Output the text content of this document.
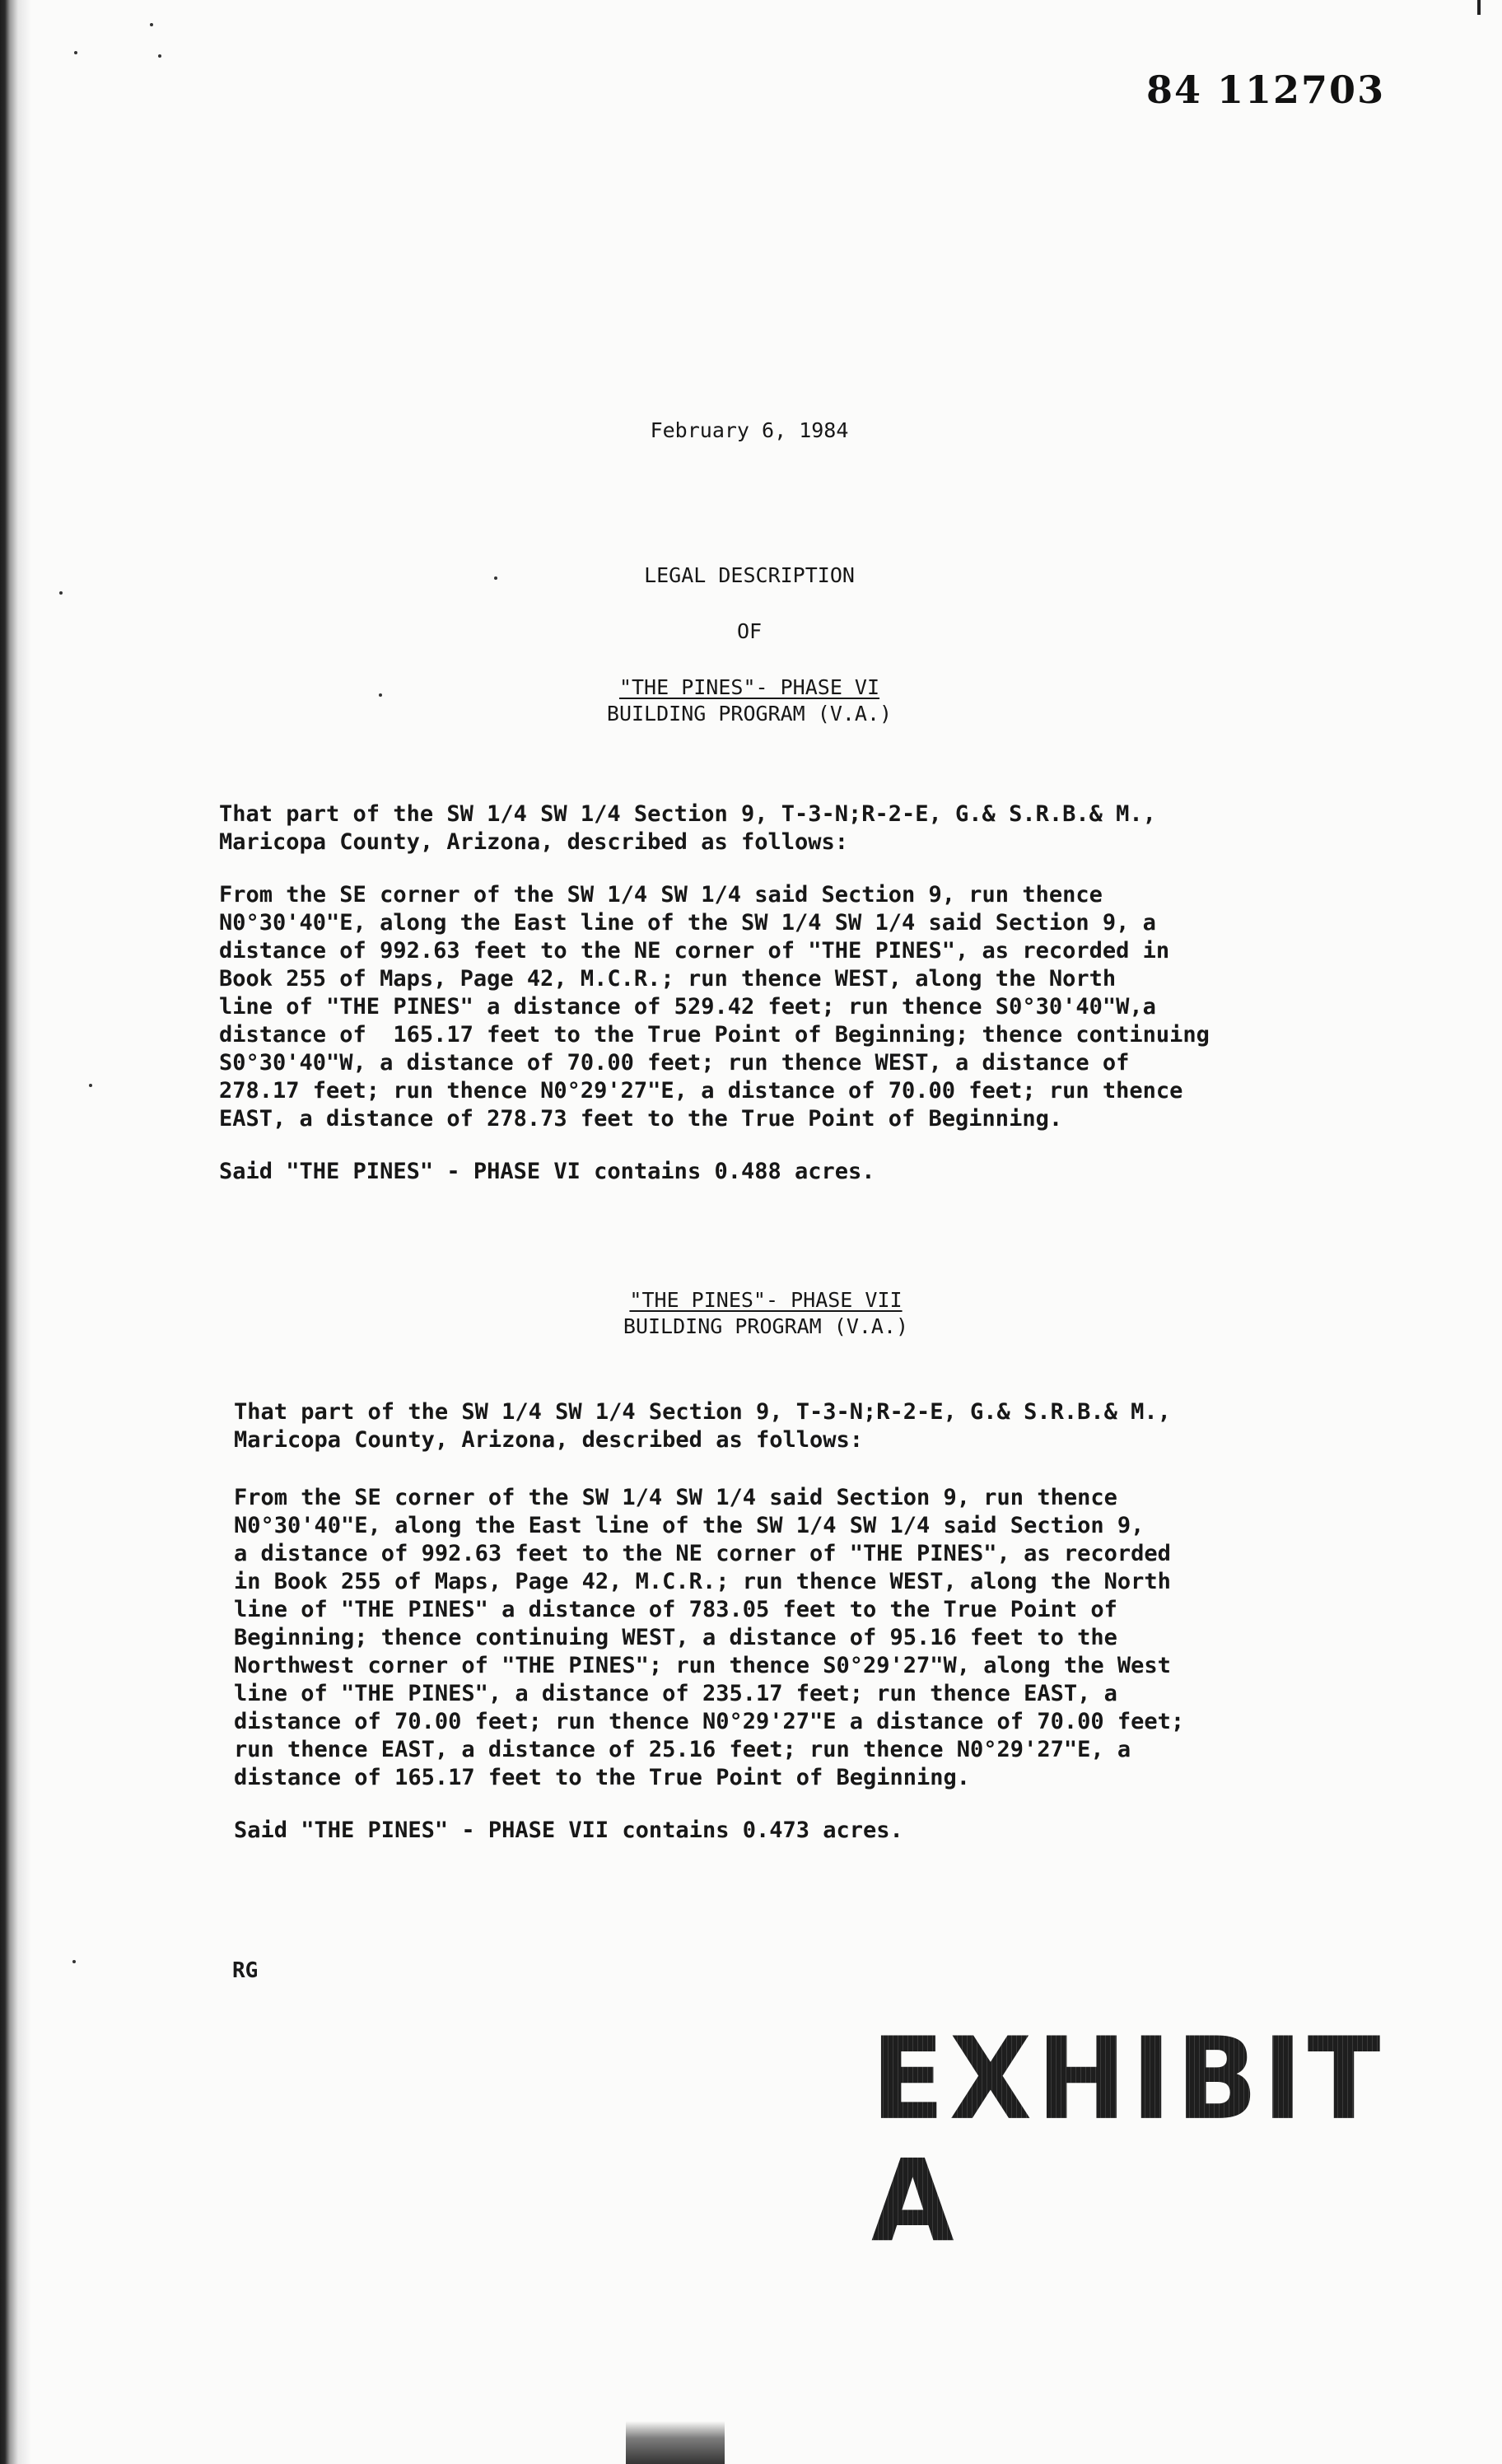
84 112703
February 6, 1984
LEGAL DESCRIPTION
OF
"THE PINES"- PHASE VI
BUILDING PROGRAM (V.A.)
That part of the SW 1/4 SW 1/4 Section 9, T-3-N;R-2-E, G.& S.R.B.& M.,
Maricopa County, Arizona, described as follows:
From the SE corner of the SW 1/4 SW 1/4 said Section 9, run thence
N0°30'40"E, along the East line of the SW 1/4 SW 1/4 said Section 9, a
distance of 992.63 feet to the NE corner of "THE PINES", as recorded in
Book 255 of Maps, Page 42, M.C.R.; run thence WEST, along the North
line of "THE PINES" a distance of 529.42 feet; run thence S0°30'40"W,a
distance of  165.17 feet to the True Point of Beginning; thence continuing
S0°30'40"W, a distance of 70.00 feet; run thence WEST, a distance of
278.17 feet; run thence N0°29'27"E, a distance of 70.00 feet; run thence
EAST, a distance of 278.73 feet to the True Point of Beginning.
Said "THE PINES" - PHASE VI contains 0.488 acres.
"THE PINES"- PHASE VII
BUILDING PROGRAM (V.A.)
That part of the SW 1/4 SW 1/4 Section 9, T-3-N;R-2-E, G.& S.R.B.& M.,
Maricopa County, Arizona, described as follows:
From the SE corner of the SW 1/4 SW 1/4 said Section 9, run thence
N0°30'40"E, along the East line of the SW 1/4 SW 1/4 said Section 9,
a distance of 992.63 feet to the NE corner of "THE PINES", as recorded
in Book 255 of Maps, Page 42, M.C.R.; run thence WEST, along the North
line of "THE PINES" a distance of 783.05 feet to the True Point of
Beginning; thence continuing WEST, a distance of 95.16 feet to the
Northwest corner of "THE PINES"; run thence S0°29'27"W, along the West
line of "THE PINES", a distance of 235.17 feet; run thence EAST, a
distance of 70.00 feet; run thence N0°29'27"E a distance of 70.00 feet;
run thence EAST, a distance of 25.16 feet; run thence N0°29'27"E, a
distance of 165.17 feet to the True Point of Beginning.
Said "THE PINES" - PHASE VII contains 0.473 acres.
RG
EXHIBIT A
